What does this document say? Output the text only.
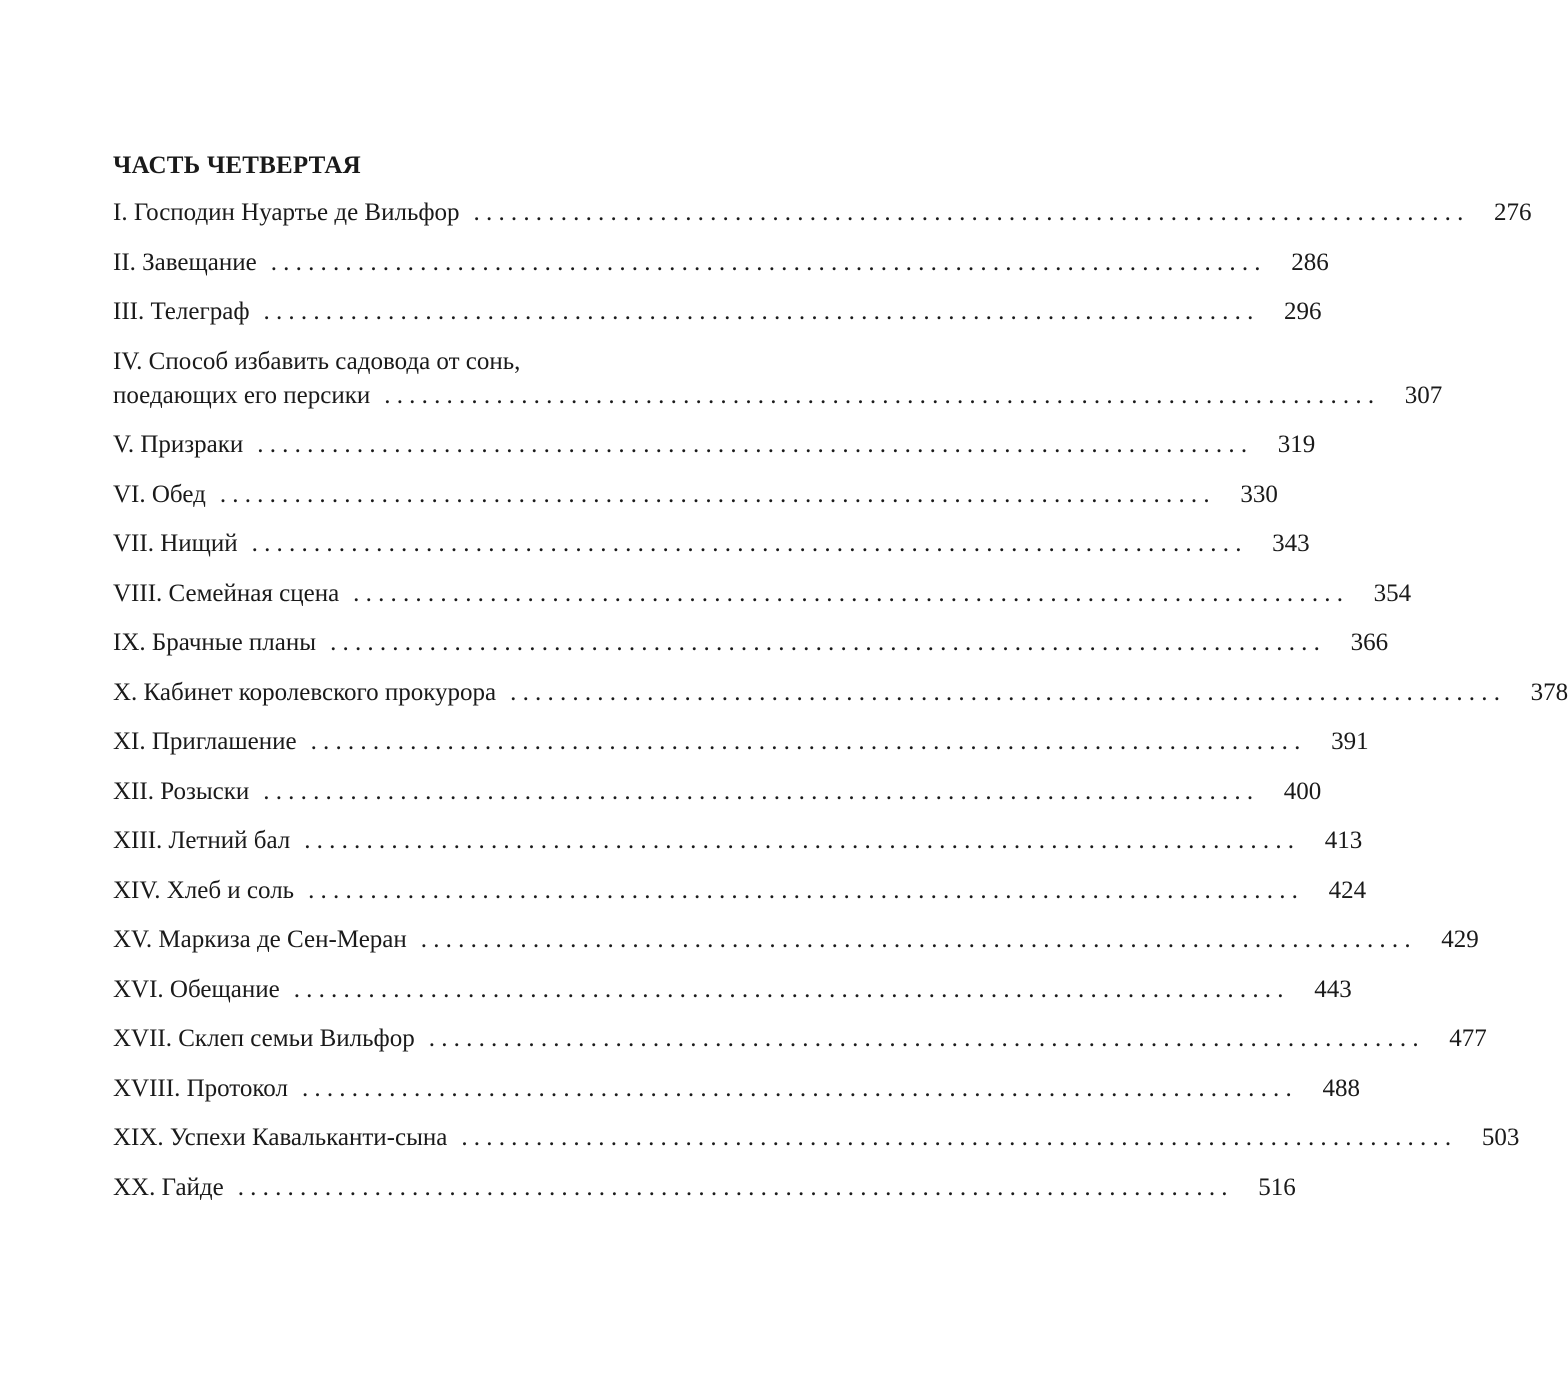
ЧАСТЬ ЧЕТВЕРТАЯ
I. Господин Нуартье де Вильфор ................................................................................ 276
II. Завещание ................................................................................ 286
III. Телеграф ................................................................................ 296
IV. Способ избавить садовода от сонь,
поедающих его персики ................................................................................ 307
V. Призраки ................................................................................ 319
VI. Обед ................................................................................ 330
VII. Нищий ................................................................................ 343
VIII. Семейная сцена ................................................................................ 354
IX. Брачные планы ................................................................................ 366
X. Кабинет королевского прокурора ................................................................................ 378
XI. Приглашение ................................................................................ 391
XII. Розыски ................................................................................ 400
XIII. Летний бал ................................................................................ 413
XIV. Хлеб и соль ................................................................................ 424
XV. Маркиза де Сен-Меран ................................................................................ 429
XVI. Обещание ................................................................................ 443
XVII. Склеп семьи Вильфор ................................................................................ 477
XVIII. Протокол ................................................................................ 488
XIX. Успехи Кавальканти-сына ................................................................................ 503
XX. Гайде ................................................................................ 516
